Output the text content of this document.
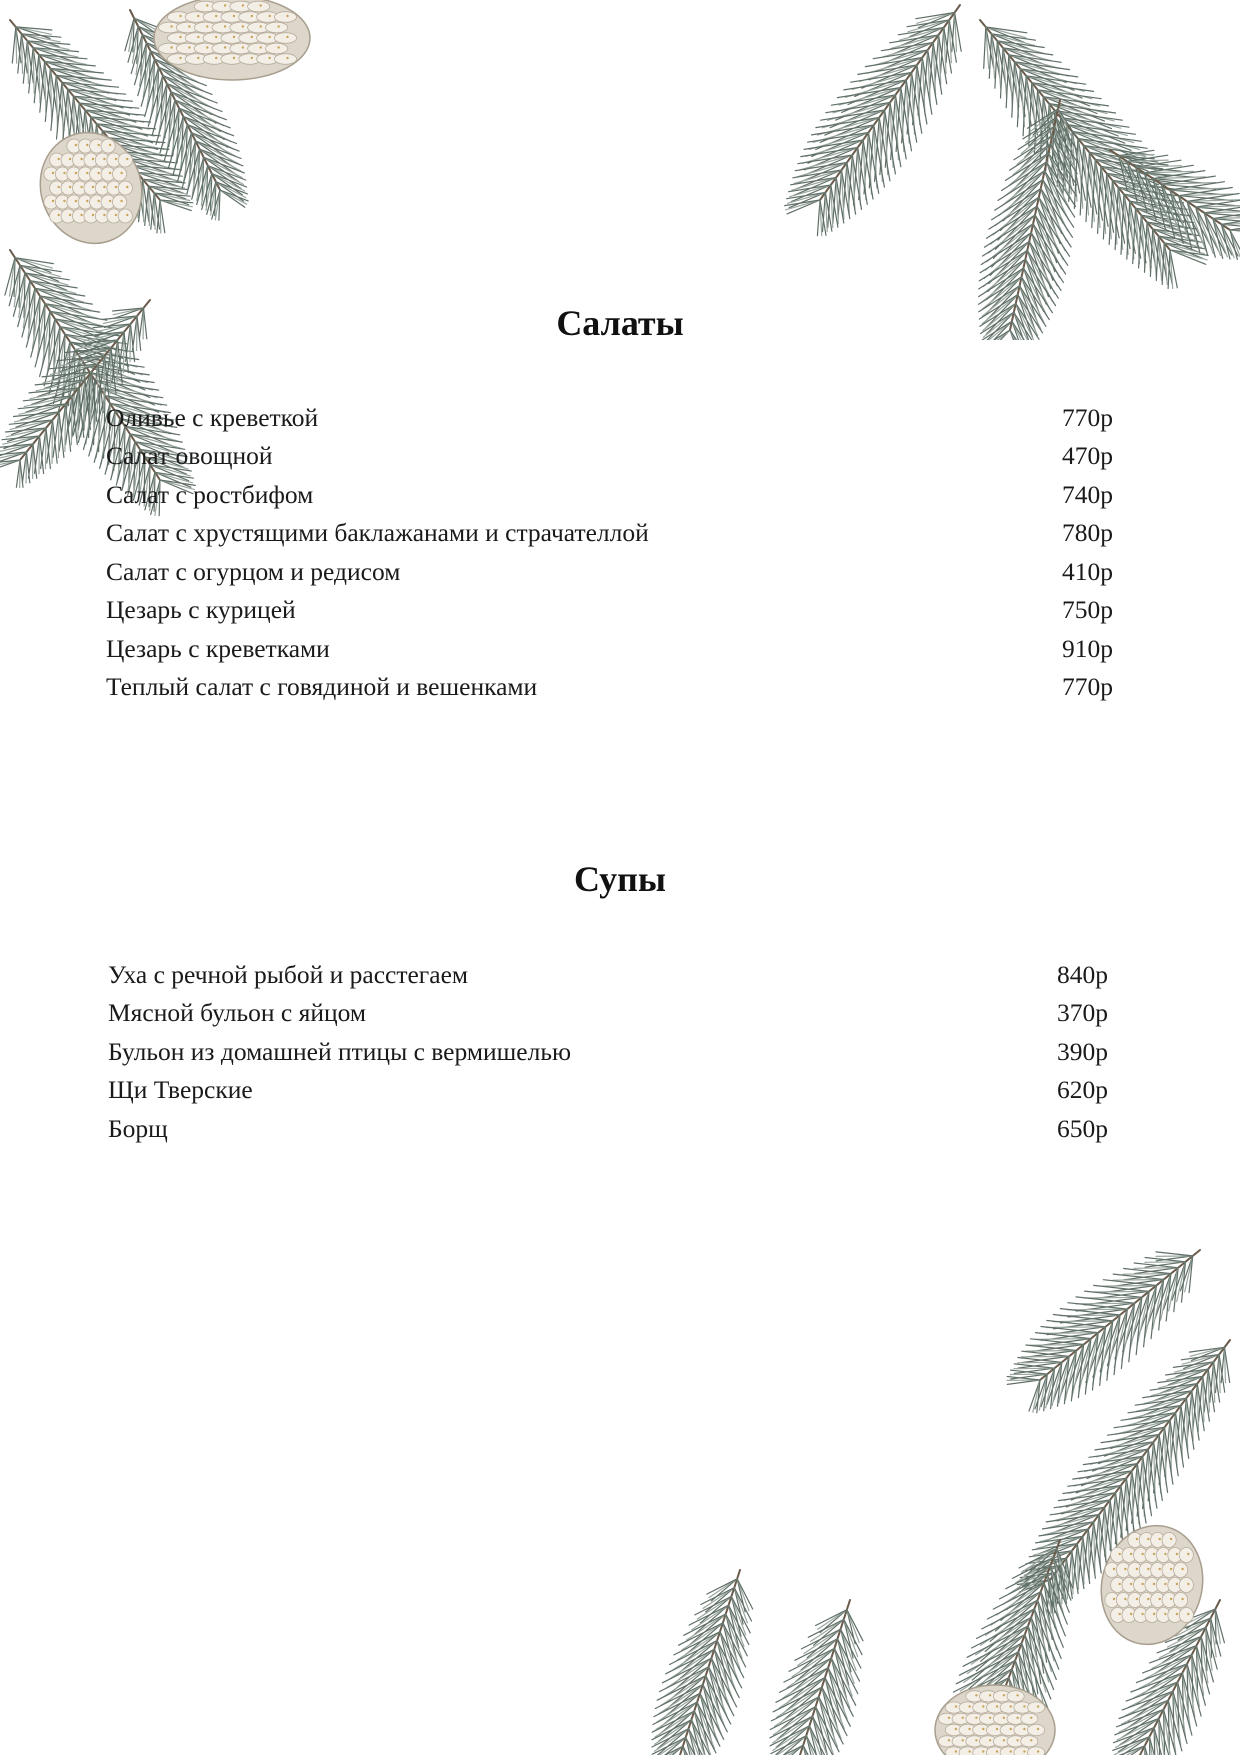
Салаты
Оливье с креветкой	770р
Салат овощной	470р
Салат с ростбифом	740р
Салат с хрустящими баклажанами и страчателлой	780р
Салат с огурцом и редисом	410р
Цезарь с курицей	750р
Цезарь с креветками	910р
Теплый салат с говядиной и вешенками	770р
Супы
Уха с речной рыбой и расстегаем	840р
Мясной бульон с яйцом	370р
Бульон из домашней птицы с вермишелью	390р
Щи Тверские	620р
Борщ	650р
